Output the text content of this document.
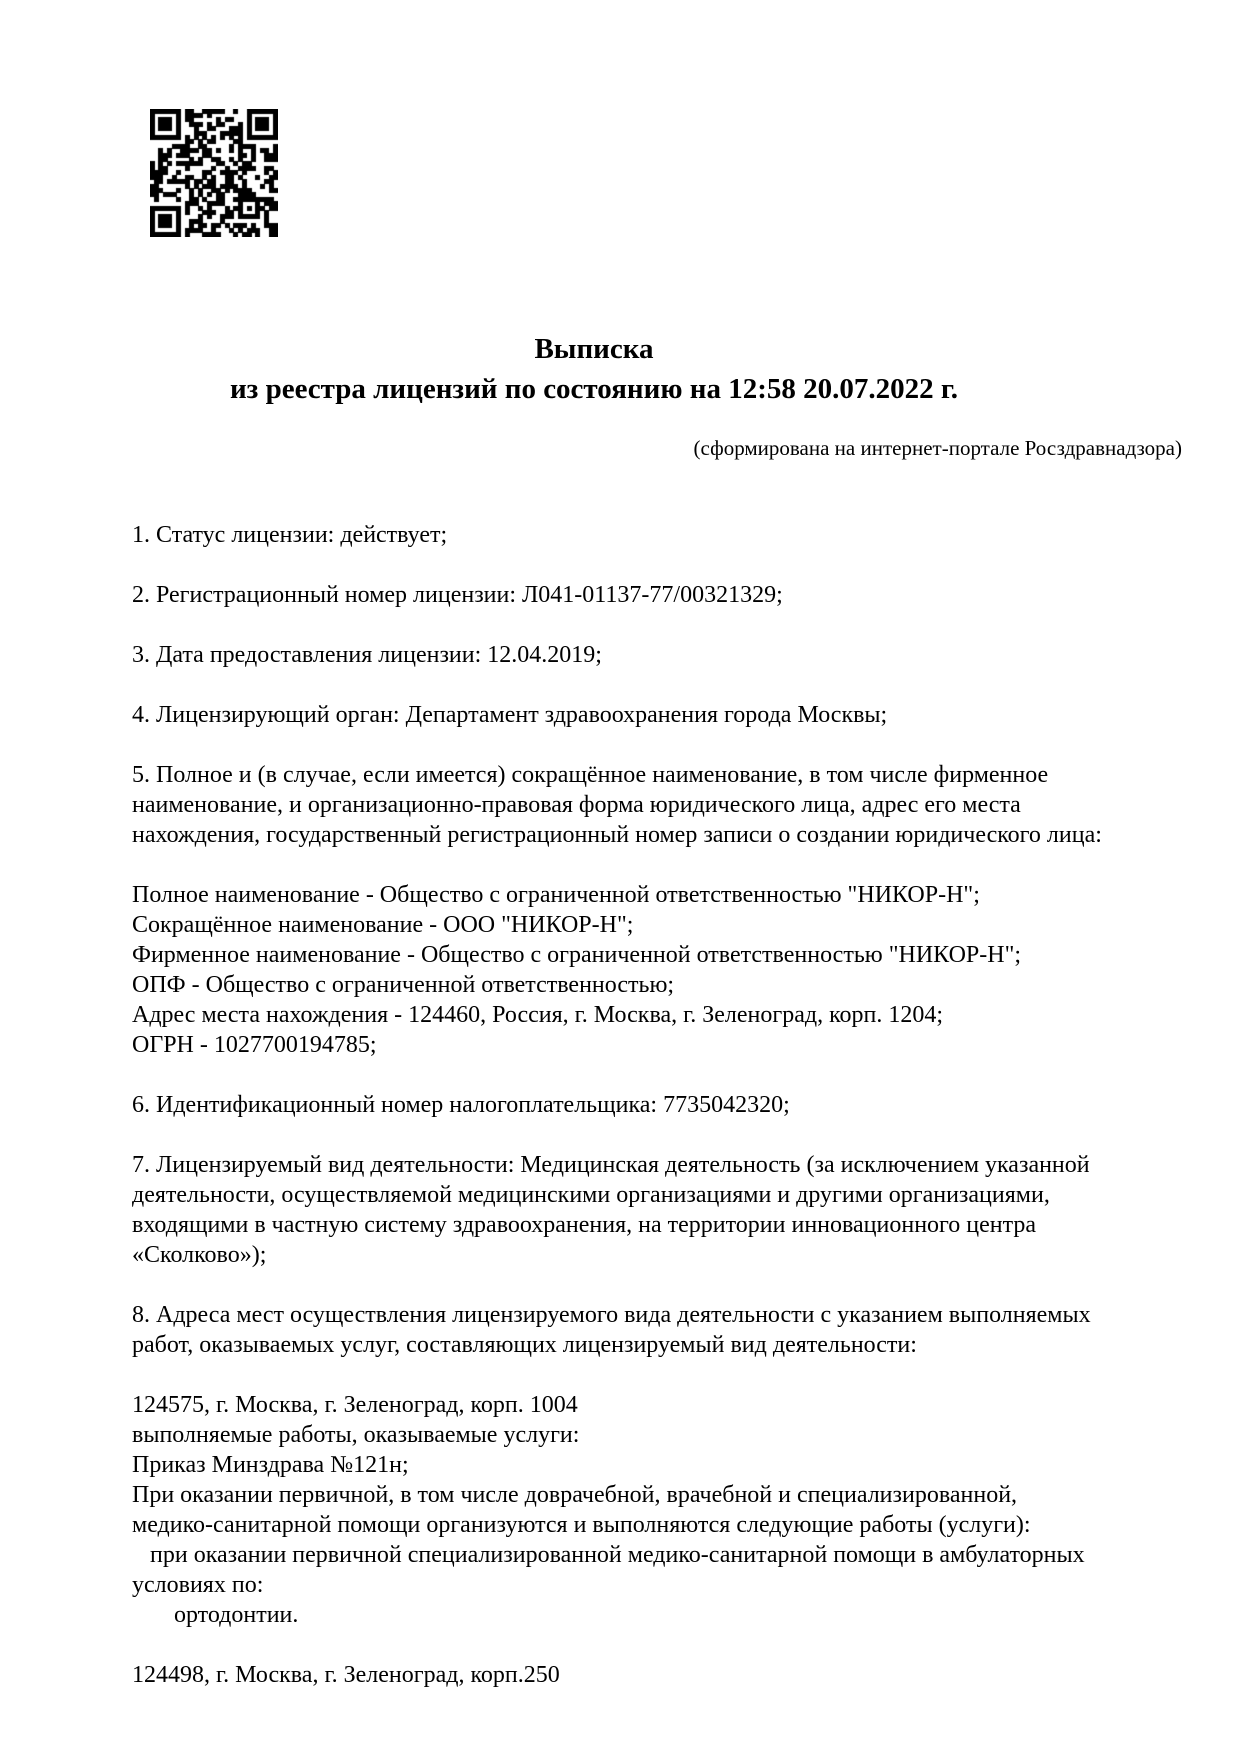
Выписка
из реестра лицензий по состоянию на 12:58 20.07.2022 г.
(сформирована на интернет-портале Росздравнадзора)
1. Статус лицензии: действует;
2. Регистрационный номер лицензии: Л041-01137-77/00321329;
3. Дата предоставления лицензии: 12.04.2019;
4. Лицензирующий орган: Департамент здравоохранения города Москвы;
5. Полное и (в случае, если имеется) сокращённое наименование, в том числе фирменное
наименование, и организационно-правовая форма юридического лица, адрес его места
нахождения, государственный регистрационный номер записи о создании юридического лица:
Полное наименование - Общество с ограниченной ответственностью "НИКОР-Н";
Сокращённое наименование - ООО "НИКОР-Н";
Фирменное наименование - Общество с ограниченной ответственностью "НИКОР-Н";
ОПФ - Общество с ограниченной ответственностью;
Адрес места нахождения - 124460, Россия, г. Москва, г. Зеленоград, корп. 1204;
ОГРН - 1027700194785;
6. Идентификационный номер налогоплательщика: 7735042320;
7. Лицензируемый вид деятельности: Медицинская деятельность (за исключением указанной
деятельности, осуществляемой медицинскими организациями и другими организациями,
входящими в частную систему здравоохранения, на территории инновационного центра
«Сколково»);
8. Адреса мест осуществления лицензируемого вида деятельности с указанием выполняемых
работ, оказываемых услуг, составляющих лицензируемый вид деятельности:
124575, г. Москва, г. Зеленоград, корп. 1004
выполняемые работы, оказываемые услуги:
Приказ Минздрава №121н;
При оказании первичной, в том числе доврачебной, врачебной и специализированной,
медико-санитарной помощи организуются и выполняются следующие работы (услуги):
при оказании первичной специализированной медико-санитарной помощи в амбулаторных
условиях по:
ортодонтии.
124498, г. Москва, г. Зеленоград, корп.250
